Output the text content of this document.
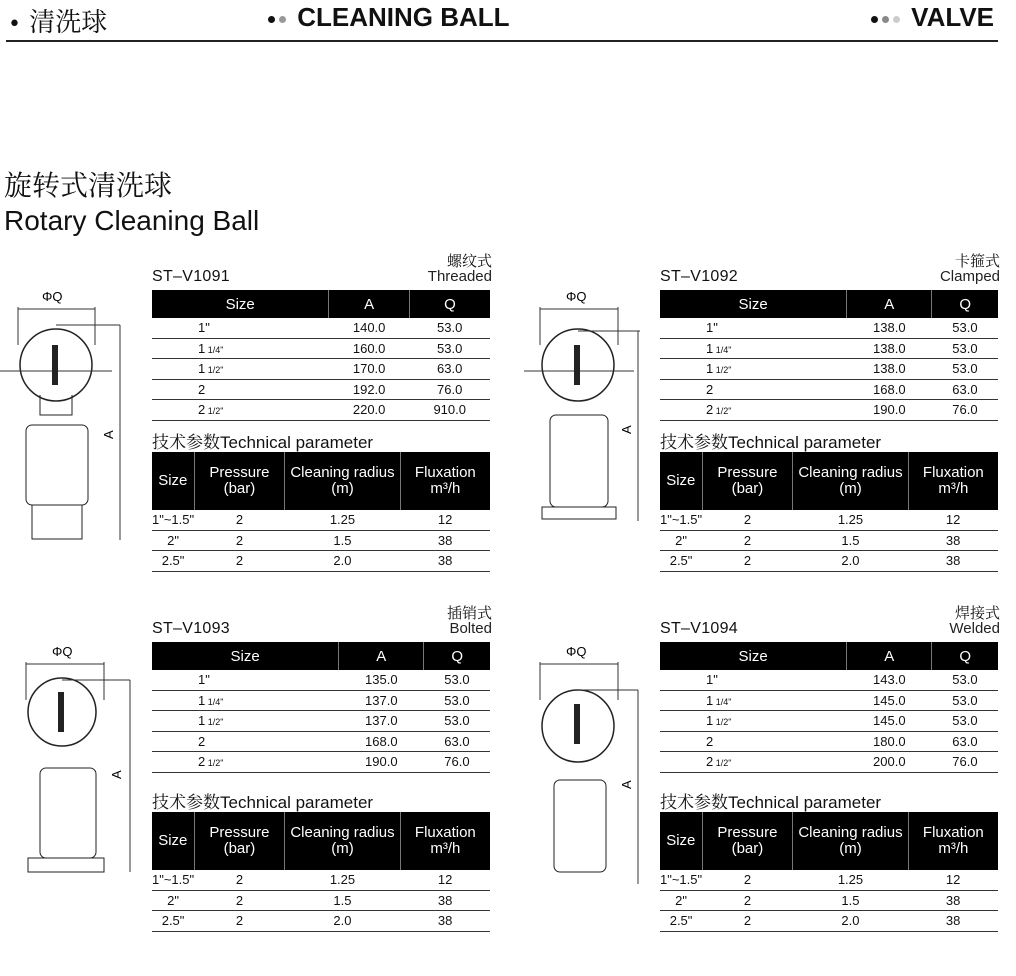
• 清洗球	CLEANING BALL	VALVE
旋转式清洗球
Rotary Cleaning Ball
ΦQ
A
ΦQ
A
ΦQ
A
ΦQ
A
ST–V1091
螺纹式
Threaded
Size	A	Q
1"	140.0	53.0
1 1/4"	160.0	53.0
1 1/2"	170.0	63.0
2	192.0	76.0
2 1/2"	220.0	910.0
技术参数Technical parameter
Size	Pressure (bar)	Cleaning radius (m)	Fluxation m³/h
1"~1.5"	2	1.25	12
2"	2	1.5	38
2.5"	2	2.0	38
ST–V1092
卡箍式
Clamped
Size	A	Q
1"	138.0	53.0
1 1/4"	138.0	53.0
1 1/2"	138.0	53.0
2	168.0	63.0
2 1/2"	190.0	76.0
技术参数Technical parameter
Size	Pressure (bar)	Cleaning radius (m)	Fluxation m³/h
1"~1.5"	2	1.25	12
2"	2	1.5	38
2.5"	2	2.0	38
ST–V1093
插销式
Bolted
Size	A	Q
1"	135.0	53.0
1 1/4"	137.0	53.0
1 1/2"	137.0	53.0
2	168.0	63.0
2 1/2"	190.0	76.0
技术参数Technical parameter
Size	Pressure (bar)	Cleaning radius (m)	Fluxation m³/h
1"~1.5"	2	1.25	12
2"	2	1.5	38
2.5"	2	2.0	38
ST–V1094
焊接式
Welded
Size	A	Q
1"	143.0	53.0
1 1/4"	145.0	53.0
1 1/2"	145.0	53.0
2	180.0	63.0
2 1/2"	200.0	76.0
技术参数Technical parameter
Size	Pressure (bar)	Cleaning radius (m)	Fluxation m³/h
1"~1.5"	2	1.25	12
2"	2	1.5	38
2.5"	2	2.0	38
